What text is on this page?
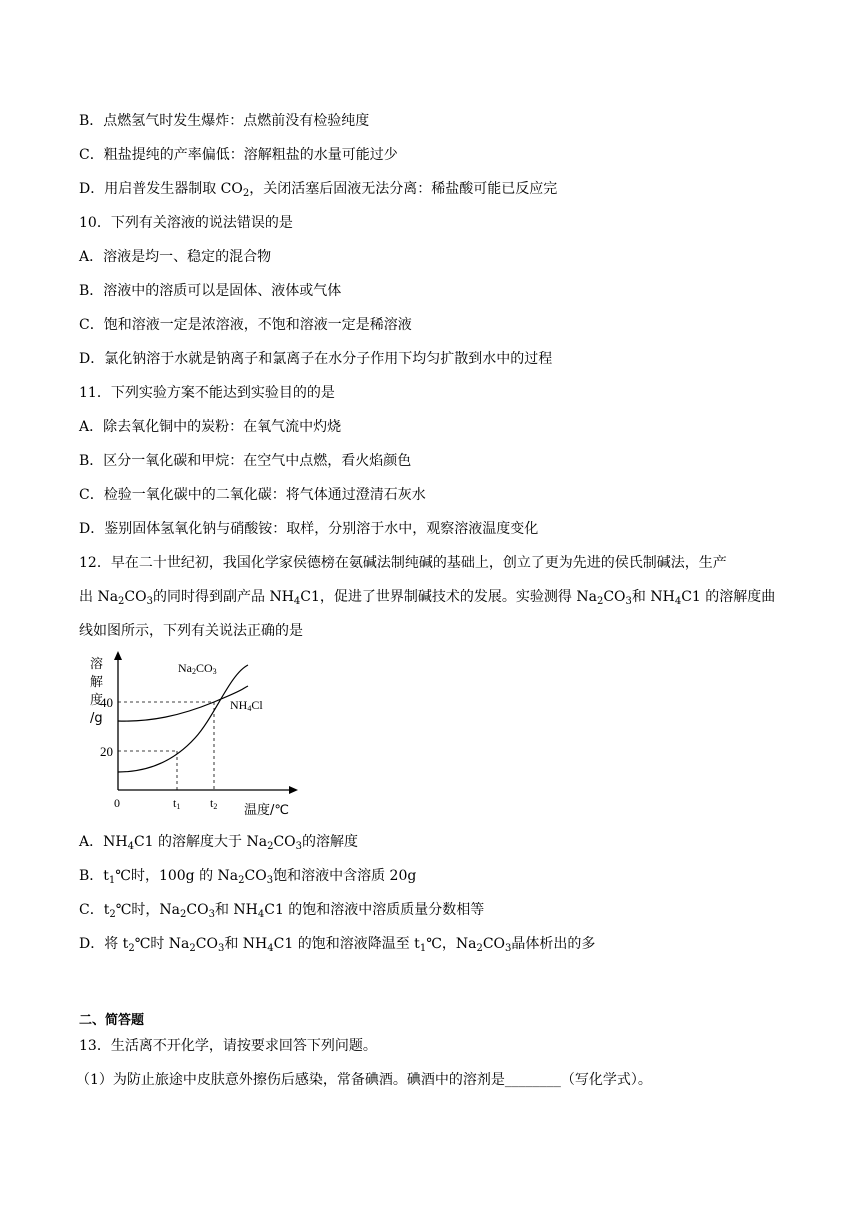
B．点燃氢气时发生爆炸：点燃前没有检验纯度
C．粗盐提纯的产率偏低：溶解粗盐的水量可能过少
D．用启普发生器制取 $CO_2$，关闭活塞后固液无法分离：稀盐酸可能已反应完
10．下列有关溶液的说法错误的是
A．溶液是均一、稳定的混合物
B．溶液中的溶质可以是固体、液体或气体
C．饱和溶液一定是浓溶液，不饱和溶液一定是稀溶液
D．氯化钠溶于水就是钠离子和氯离子在水分子作用下均匀扩散到水中的过程
11．下列实验方案不能达到实验目的的是
A．除去氧化铜中的炭粉：在氧气流中灼烧
B．区分一氧化碳和甲烷：在空气中点燃，看火焰颜色
C．检验一氧化碳中的二氧化碳：将气体通过澄清石灰水
D．鉴别固体氢氧化钠与硝酸铵：取样，分别溶于水中，观察溶液温度变化
12．早在二十世纪初，我国化学家侯德榜在氨碱法制纯碱的基础上，创立了更为先进的侯氏制碱法，生产
出 $Na_2CO_3$的同时得到副产品 $NH_4C1$，促进了世界制碱技术的发展。实验测得 $Na_2CO_3$和 $NH_4C1$ 的溶解度曲
线如图所示，下列有关说法正确的是
溶
解
度
/g
40
20
0	t1 t2 温度/℃
Na2CO3
NH4Cl
A．$NH_4C1$ 的溶解度大于 $Na_2CO_3$的溶解度
B．$t_1℃$时，100g 的 $Na_2CO_3$饱和溶液中含溶质 20g
C．$t_2℃$时，$Na_2CO_3$和 $NH_4C1$ 的饱和溶液中溶质质量分数相等
D．将 $t_2℃$时 $Na_2CO_3$和 $NH_4C1$ 的饱和溶液降温至 $t_1℃$，$Na_2CO_3$晶体析出的多
二、简答题
13．生活离不开化学，请按要求回答下列问题。
（1）为防止旅途中皮肤意外擦伤后感染，常备碘酒。碘酒中的溶剂是________（写化学式）。
